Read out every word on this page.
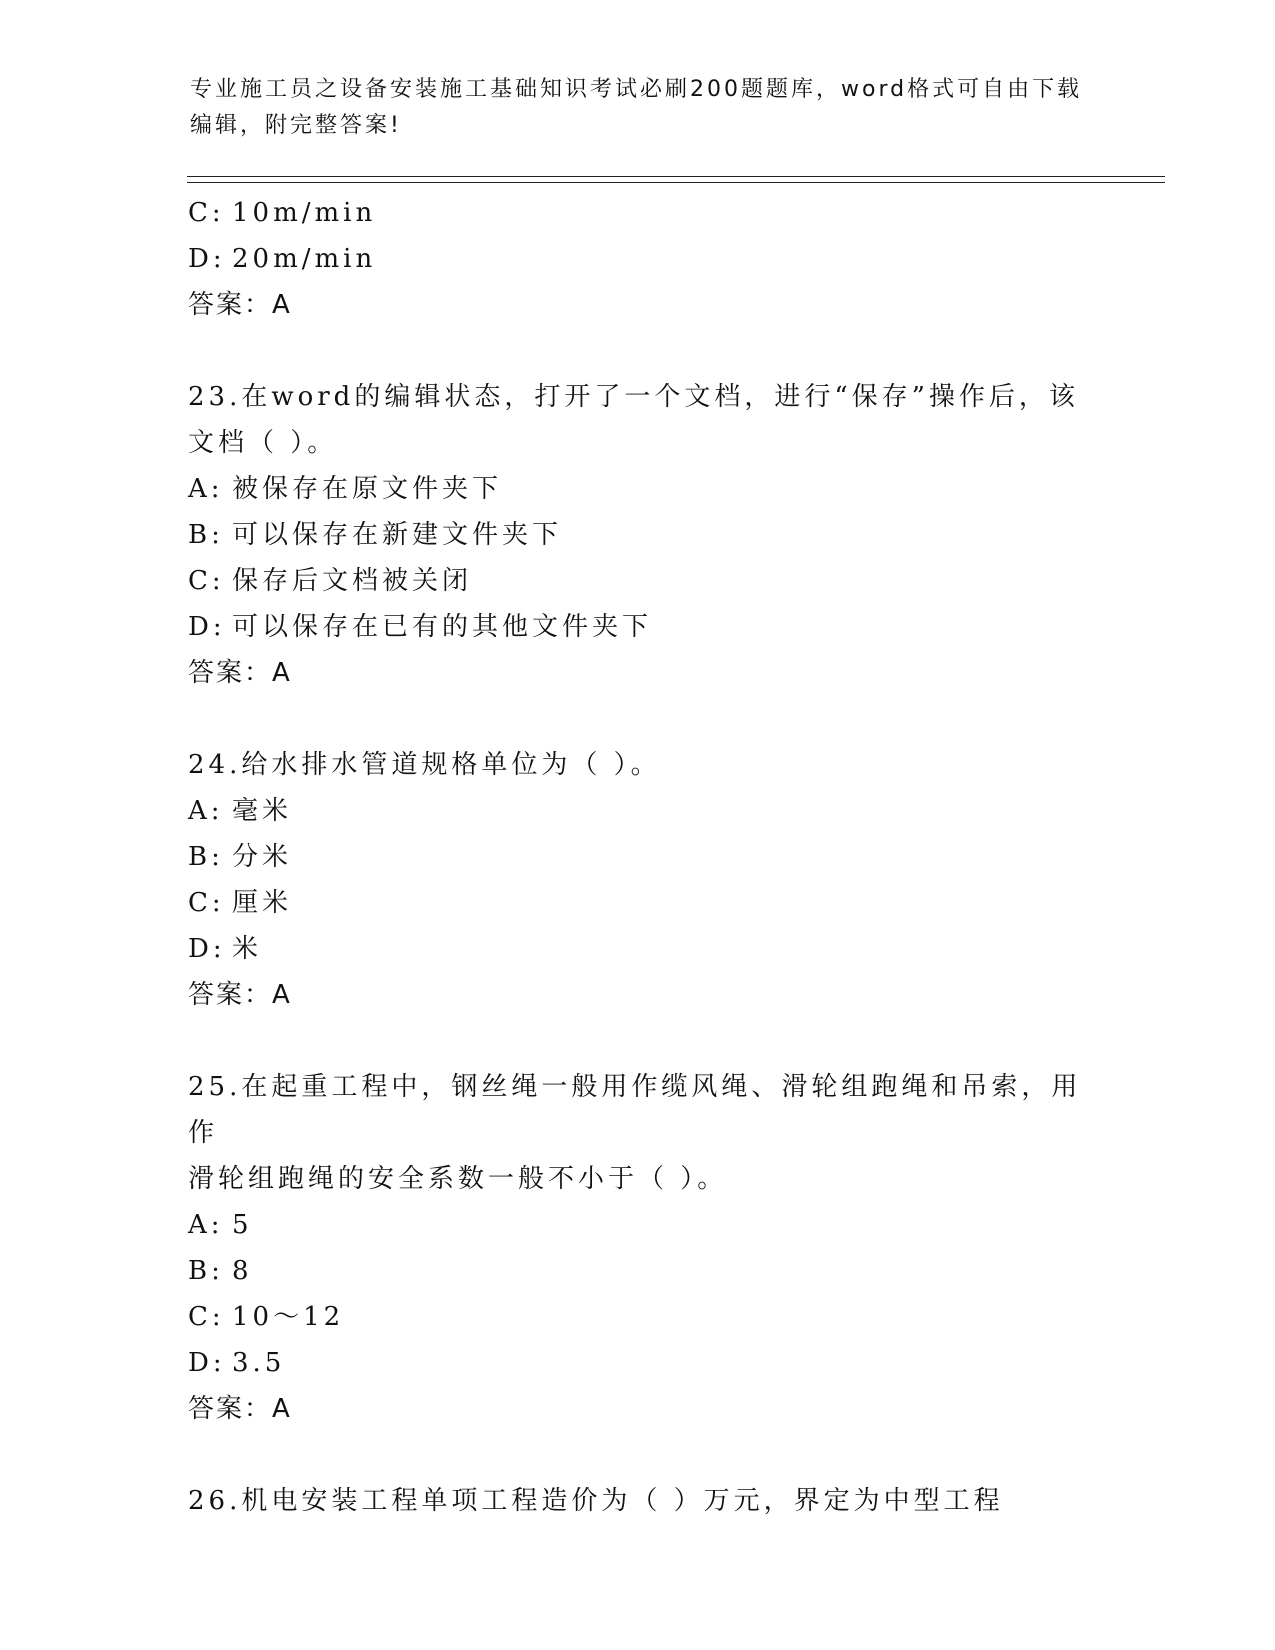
专业施工员之设备安装施工基础知识考试必刷200题题库，word格式可自由下载
编辑，附完整答案!
C: 10m/min
D: 20m/min
答案：A
23.在word的编辑状态，打开了一个文档，进行“保存”操作后，该
文档（ ）。
A: 被保存在原文件夹下
B: 可以保存在新建文件夹下
C: 保存后文档被关闭
D: 可以保存在已有的其他文件夹下
答案：A
24.给水排水管道规格单位为（ ）。
A: 毫米
B: 分米
C: 厘米
D: 米
答案：A
25.在起重工程中，钢丝绳一般用作缆风绳、滑轮组跑绳和吊索，用作
滑轮组跑绳的安全系数一般不小于（ ）。
A: 5
B: 8
C: 10～12
D: 3.5
答案：A
26.机电安装工程单项工程造价为（ ）万元，界定为中型工程
